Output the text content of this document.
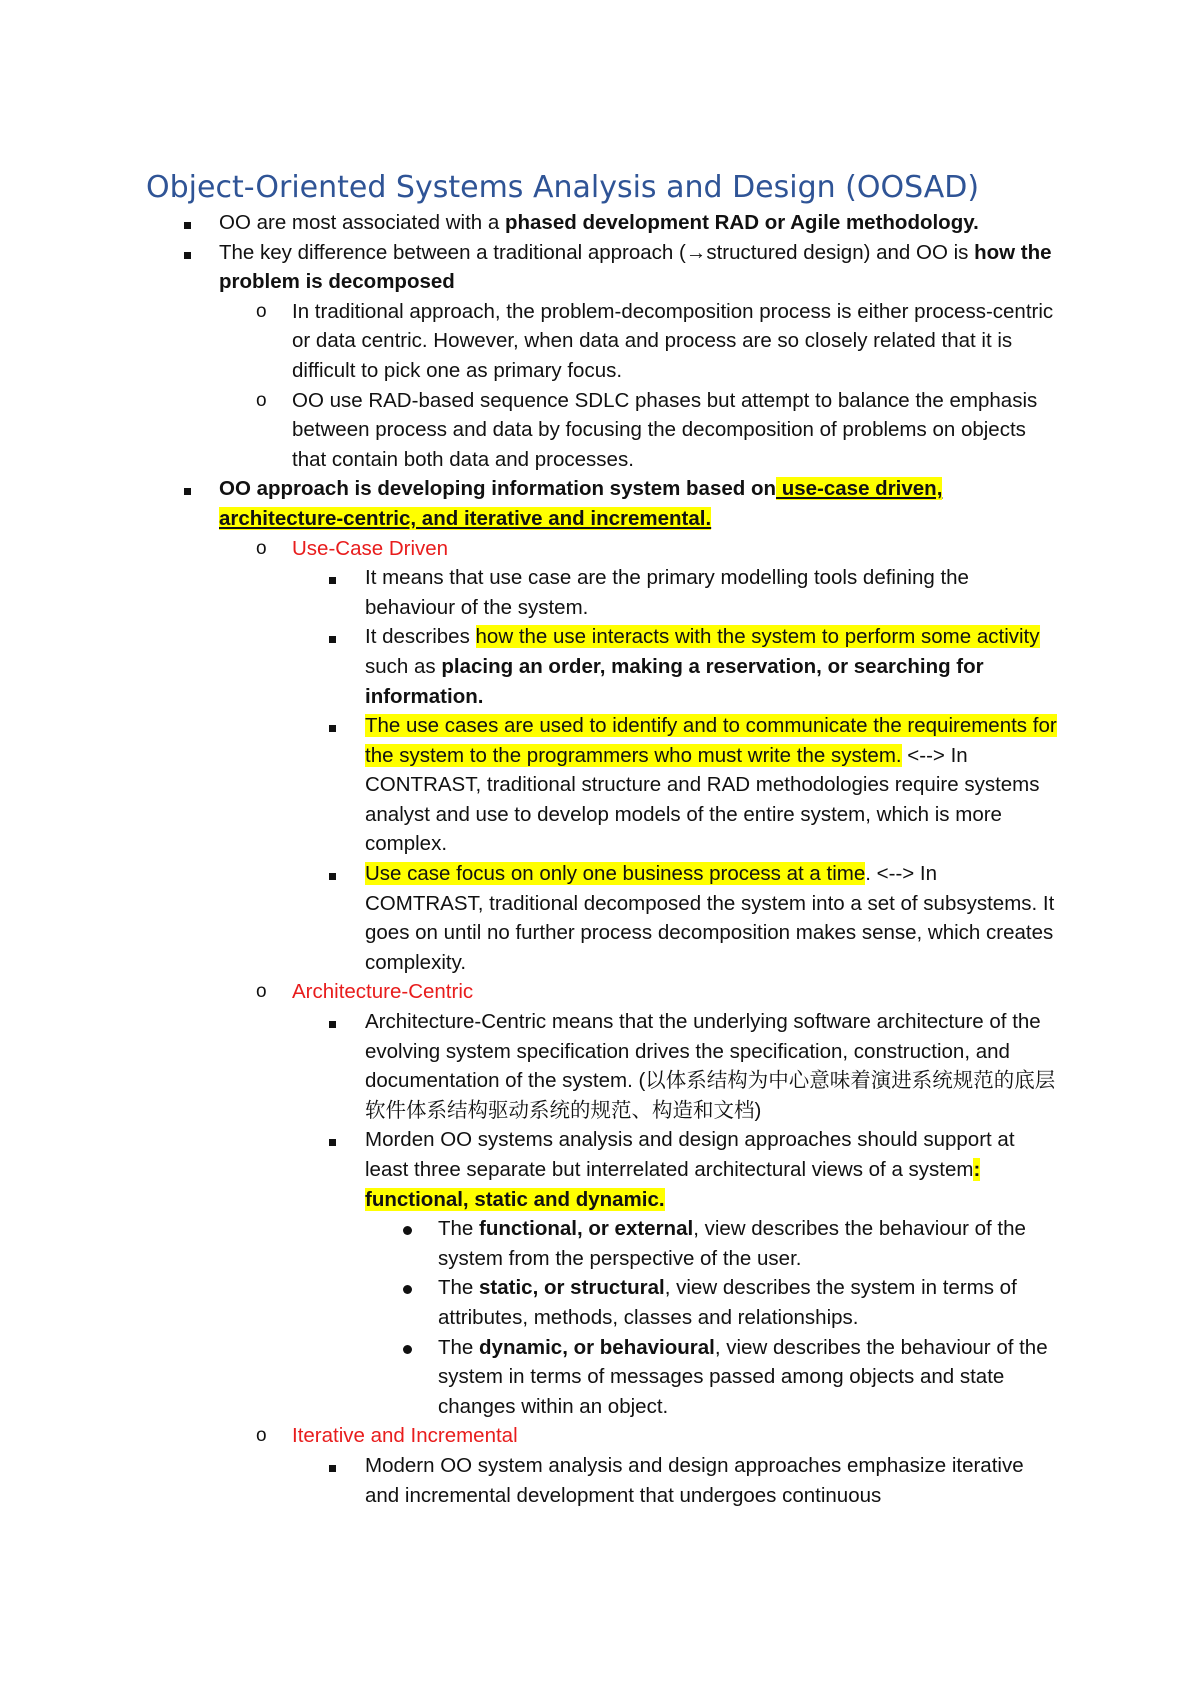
Object-Oriented Systems Analysis and Design (OOSAD)
OO are most associated with a phased development RAD or Agile methodology.
The key difference between a traditional approach (→structured design) and OO is how the problem is decomposed
o In traditional approach, the problem-decomposition process is either process-centric or data centric. However, when data and process are so closely related that it is difficult to pick one as primary focus.
o OO use RAD-based sequence SDLC phases but attempt to balance the emphasis between process and data by focusing the decomposition of problems on objects that contain both data and processes.
OO approach is developing information system based on use-case driven, architecture-centric, and iterative and incremental.
o Use-Case Driven
It means that use case are the primary modelling tools defining the behaviour of the system.
It describes how the use interacts with the system to perform some activity such as placing an order, making a reservation, or searching for information.
The use cases are used to identify and to communicate the requirements for the system to the programmers who must write the system. <--> In CONTRAST, traditional structure and RAD methodologies require systems analyst and use to develop models of the entire system, which is more complex.
Use case focus on only one business process at a time. <--> In COMTRAST, traditional decomposed the system into a set of subsystems. It goes on until no further process decomposition makes sense, which creates complexity.
o Architecture-Centric
Architecture-Centric means that the underlying software architecture of the evolving system specification drives the specification, construction, and documentation of the system. (以体系结构为中心意味着演进系统规范的底层软件体系结构驱动系统的规范、构造和文档)
Morden OO systems analysis and design approaches should support at least three separate but interrelated architectural views of a system: functional, static and dynamic.
The functional, or external, view describes the behaviour of the system from the perspective of the user.
The static, or structural, view describes the system in terms of attributes, methods, classes and relationships.
The dynamic, or behavioural, view describes the behaviour of the system in terms of messages passed among objects and state changes within an object.
o Iterative and Incremental
Modern OO system analysis and design approaches emphasize iterative and incremental development that undergoes continuous
